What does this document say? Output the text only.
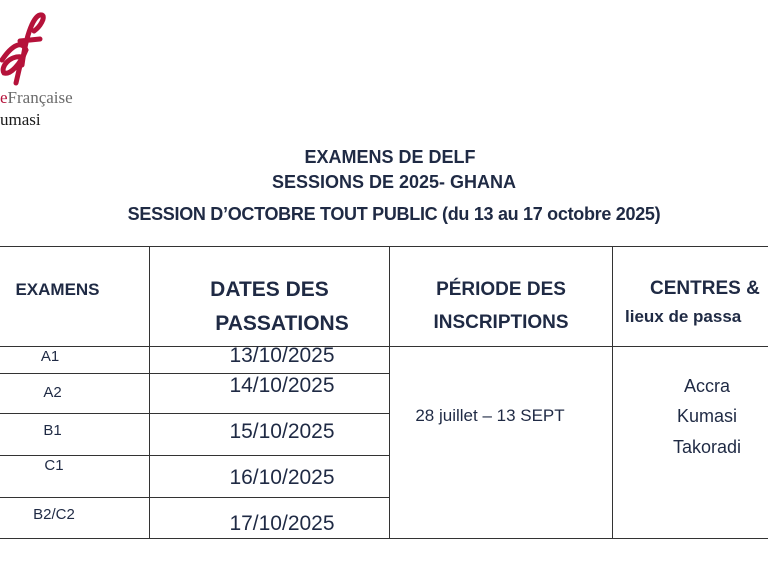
eFrançaise
umasi
EXAMENS DE DELF
SESSIONS DE 2025- GHANA
SESSION D’OCTOBRE TOUT PUBLIC (du 13 au 17 octobre 2025)
EXAMENS	DATES DES
PASSATIONS
PÉRIODE DES
INSCRIPTIONS
CENTRES &
lieux de passa
A1
A2
B1
C1
B2/C2
13/10/2025
14/10/2025
15/10/2025
16/10/2025
17/10/2025
28 juillet – 13 SEPT
Accra
Kumasi
Takoradi
